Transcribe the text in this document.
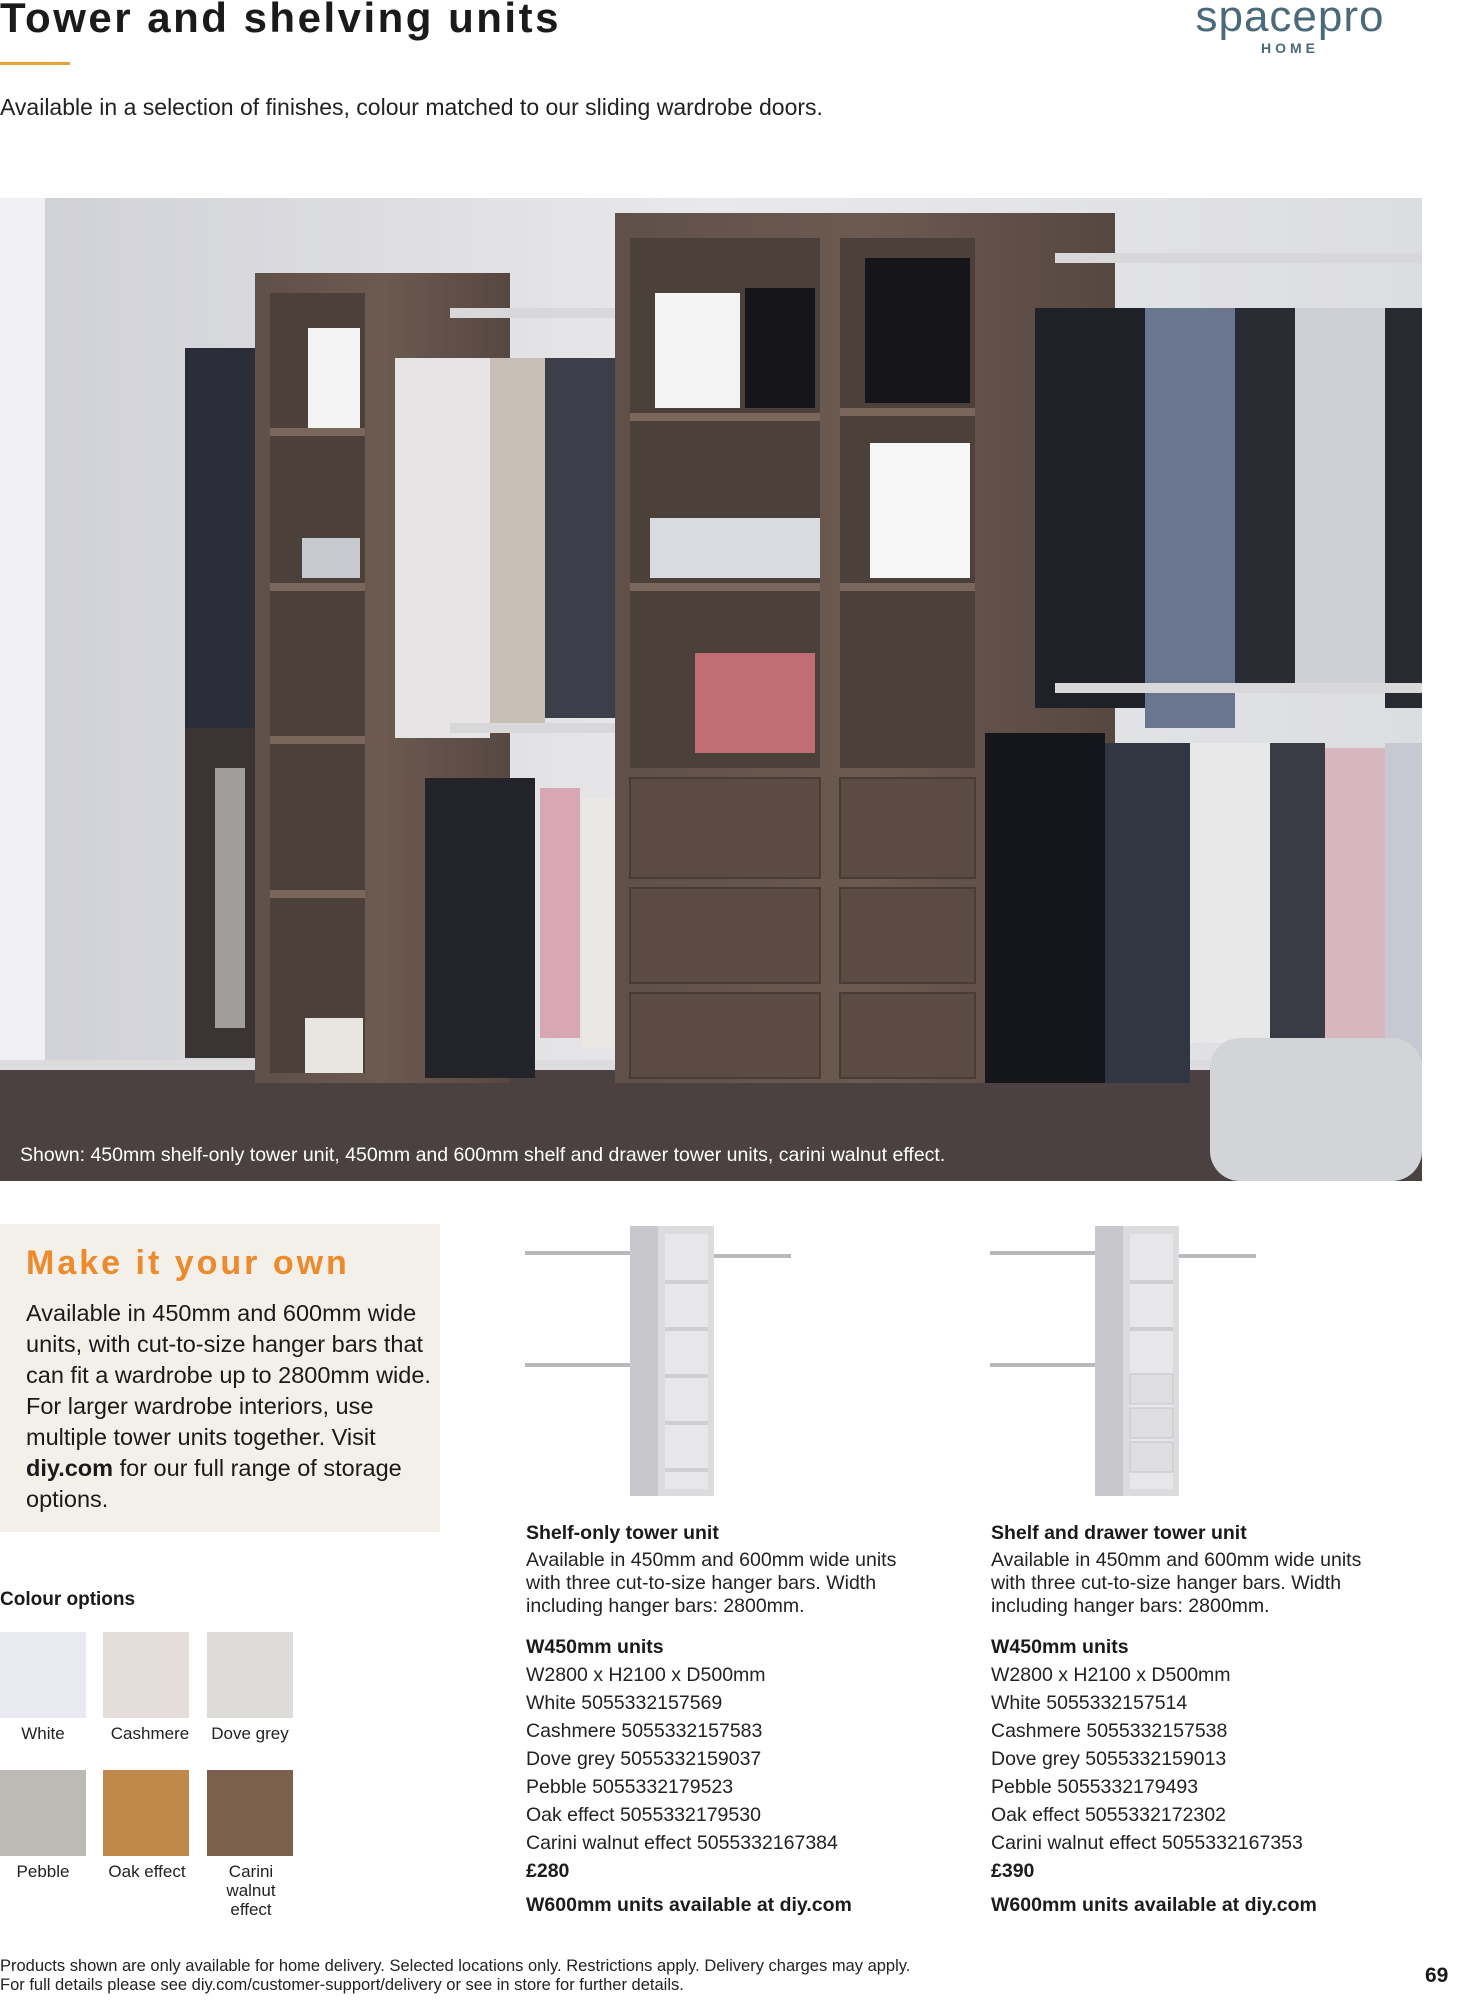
Tower and shelving units	spacepro
HOME
Available in a selection of finishes, colour matched to our sliding wardrobe doors.
Shown: 450mm shelf-only tower unit, 450mm and 600mm shelf and drawer tower units, carini walnut effect.
Make it your own
Available in 450mm and 600mm wide units, with cut-to-size hanger bars that can fit a wardrobe up to 2800mm wide. For larger wardrobe interiors, use multiple tower units together. Visit diy.com for our full range of storage options.
Colour options
White	Cashmere	Dove grey
Pebble	Oak effect	Carini walnut effect
Shelf-only tower unit
Available in 450mm and 600mm wide units with three cut-to-size hanger bars. Width including hanger bars: 2800mm.
W450mm units
W2800 x H2100 x D500mm
White 5055332157569
Cashmere 5055332157583
Dove grey 5055332159037
Pebble 5055332179523
Oak effect 5055332179530
Carini walnut effect 5055332167384
£280
W600mm units available at diy.com
Shelf and drawer tower unit
Available in 450mm and 600mm wide units with three cut-to-size hanger bars. Width including hanger bars: 2800mm.
W450mm units
W2800 x H2100 x D500mm
White 5055332157514
Cashmere 5055332157538
Dove grey 5055332159013
Pebble 5055332179493
Oak effect 5055332172302
Carini walnut effect 5055332167353
£390
W600mm units available at diy.com
Products shown are only available for home delivery. Selected locations only. Restrictions apply. Delivery charges may apply.
For full details please see diy.com/customer-support/delivery or see in store for further details.	69
